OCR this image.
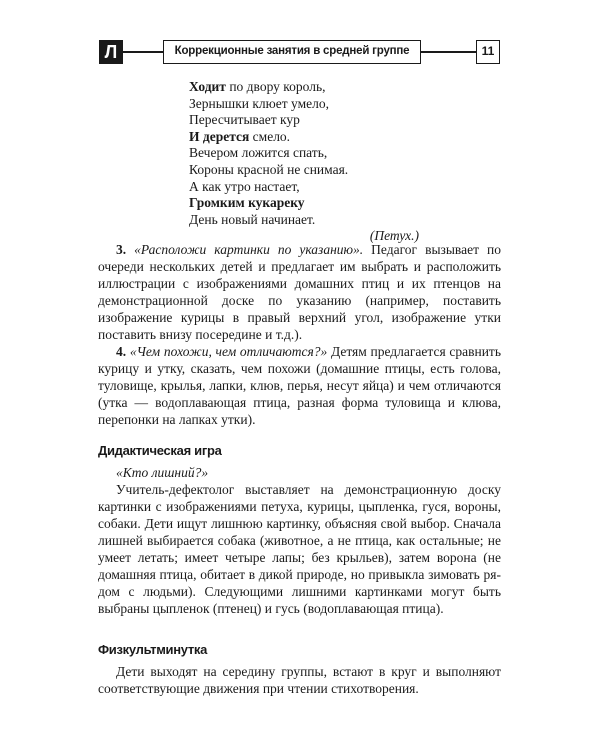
Л	Коррекционные занятия в средней группе	11
Ходит по двору король,
Зернышки клюет умело,
Пересчитывает кур
И дерется смело.
Вечером ложится спать,
Короны красной не снимая.
А как утро настает,
Громким кукареку
День новый начинает.
(Петух.)

3. «Расположи картинки по указанию». Педагог вызывает по очереди нескольких детей и предлагает им выбрать и расположить иллюстрации с изображениями домашних птиц и их птенцов на демонстрационной доске по указанию (например, поставить изображение курицы в правый верхний угол, изображение утки поставить внизу посередине и т.д.).

4. «Чем похожи, чем отличаются?» Детям предлагается сравнить курицу и утку, сказать, чем похожи (домашние птицы, есть голова, туловище, крылья, лапки, клюв, перья, несут яйца) и чем отличаются (утка — водоплавающая птица, разная форма туловища и клюва, перепонки на лапках утки).

Дидактическая игра

«Кто лишний?»

Учитель-дефектолог выставляет на демонстрационную доску картинки с изображениями петуха, курицы, цыпленка, гуся, вороны, собаки. Дети ищут лишнюю картинку, объясняя свой выбор. Сначала лишней выбирается собака (животное, а не птица, как остальные; не умеет летать; имеет четыре лапы; без крыльев), затем ворона (не домашняя птица, обитает в дикой природе, но привыкла зимовать рядом с людьми). Следующими лишними картинками могут быть выбраны цыпленок (птенец) и гусь (водоплавающая птица).

Физкультминутка

Дети выходят на середину группы, встают в круг и выполняют соответствующие движения при чтении стихотворения.
